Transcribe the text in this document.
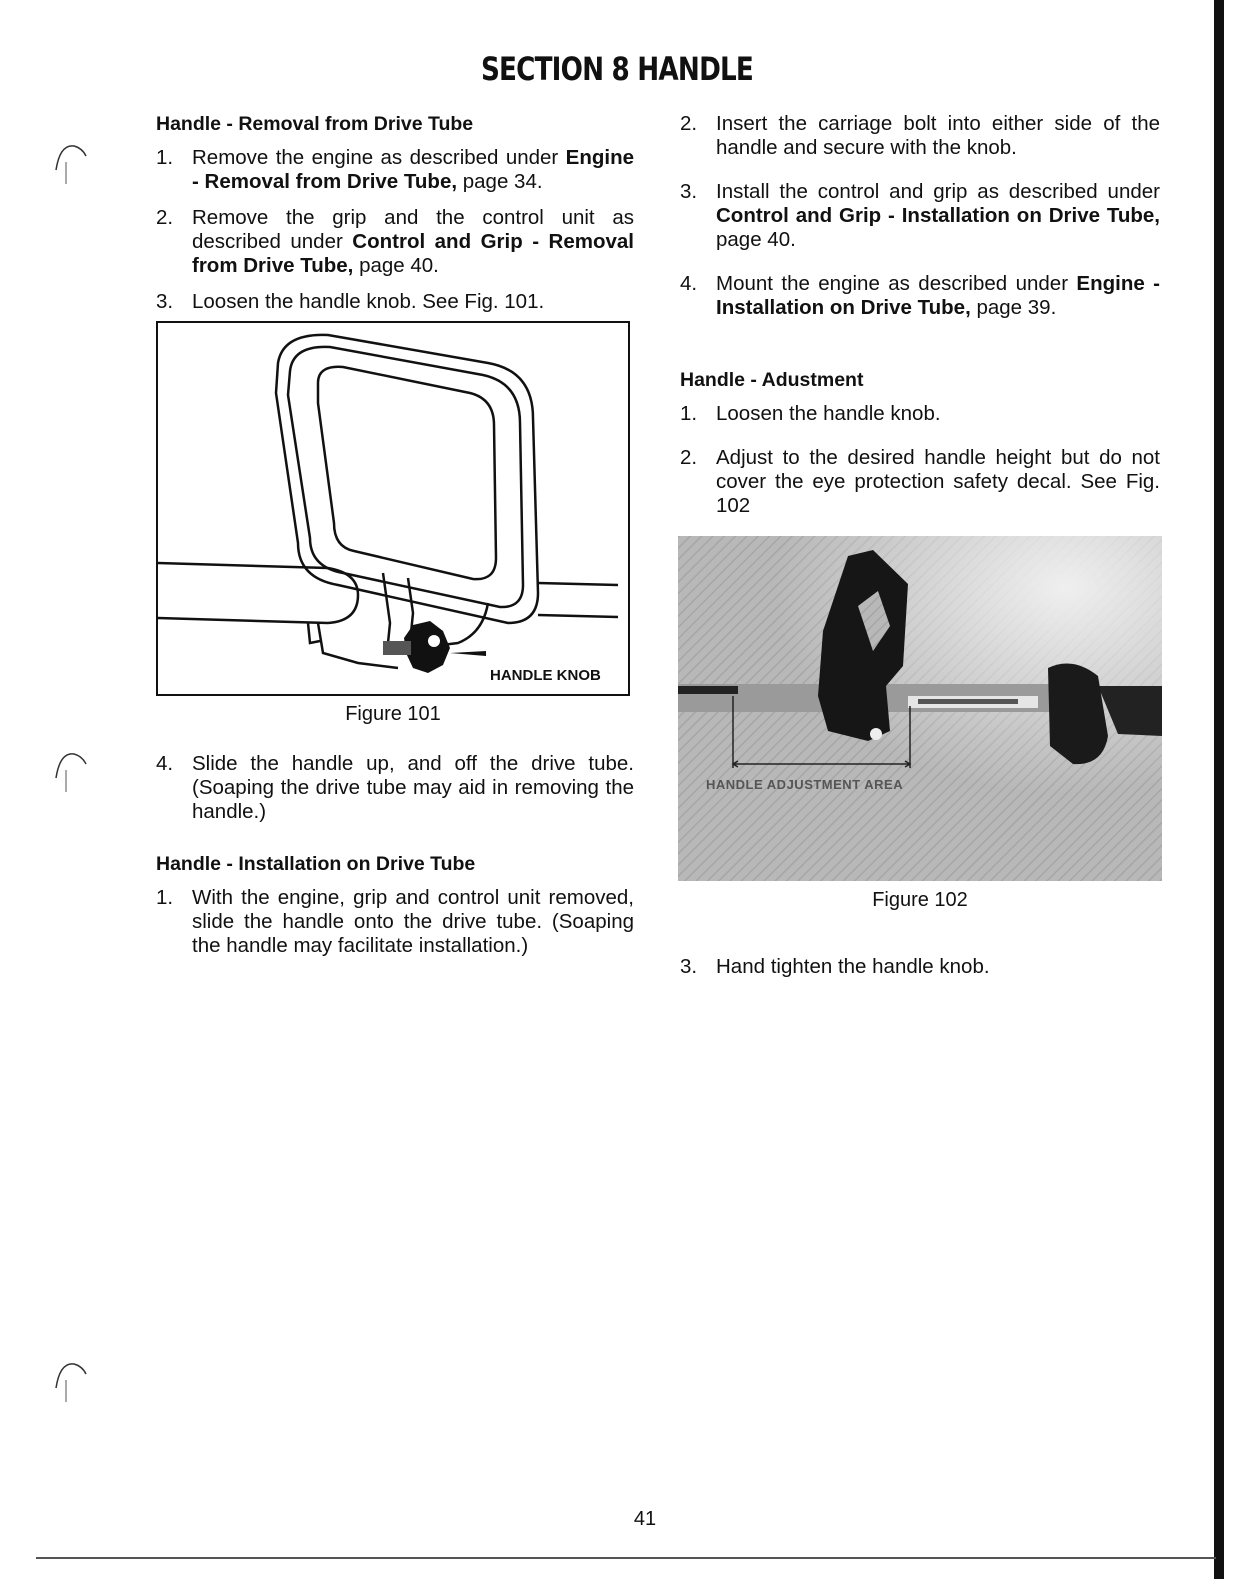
SECTION 8 HANDLE
Handle - Removal from Drive Tube
1. Remove the engine as described under Engine - Removal from Drive Tube, page 34.
2. Remove the grip and the control unit as described under Control and Grip - Removal from Drive Tube, page 40.
3. Loosen the handle knob. See Fig. 101.
HANDLE KNOB
Figure 101
4. Slide the handle up, and off the drive tube. (Soaping the drive tube may aid in removing the handle.)
Handle - Installation on Drive Tube
1. With the engine, grip and control unit removed, slide the handle onto the drive tube. (Soaping the handle may facilitate installation.)
2. Insert the carriage bolt into either side of the handle and secure with the knob.
3. Install the control and grip as described under Control and Grip - Installation on Drive Tube, page 40.
4. Mount the engine as described under Engine - Installation on Drive Tube, page 39.
Handle - Adustment
1. Loosen the handle knob.
2. Adjust to the desired handle height but do not cover the eye protection safety decal. See Fig. 102
HANDLE ADJUSTMENT AREA
Figure 102
3. Hand tighten the handle knob.
41
